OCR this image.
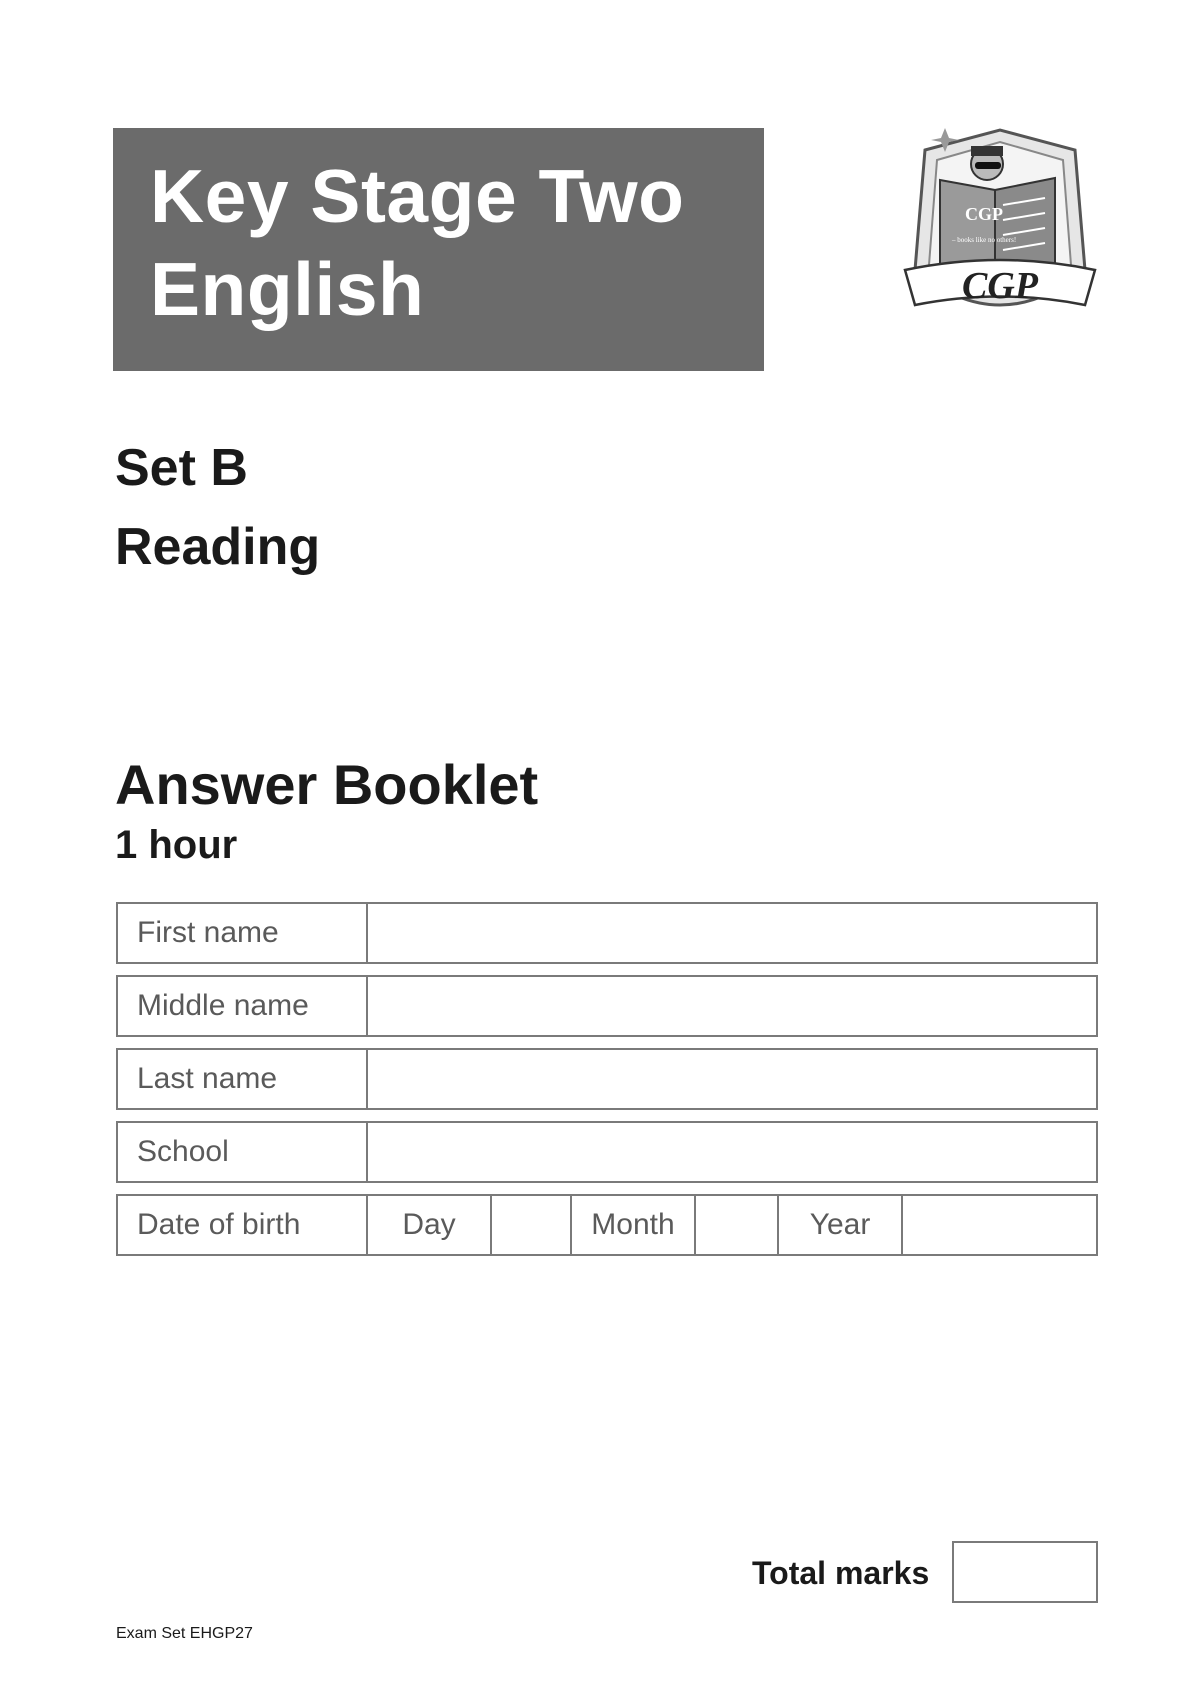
Key Stage Two
English
CGP
– books like no others!
CGP
Set B
Reading
Answer Booklet
1 hour
First name
Middle name
Last name
School
Date of birth	Day	Month	Year
Total marks
Exam Set EHGP27
